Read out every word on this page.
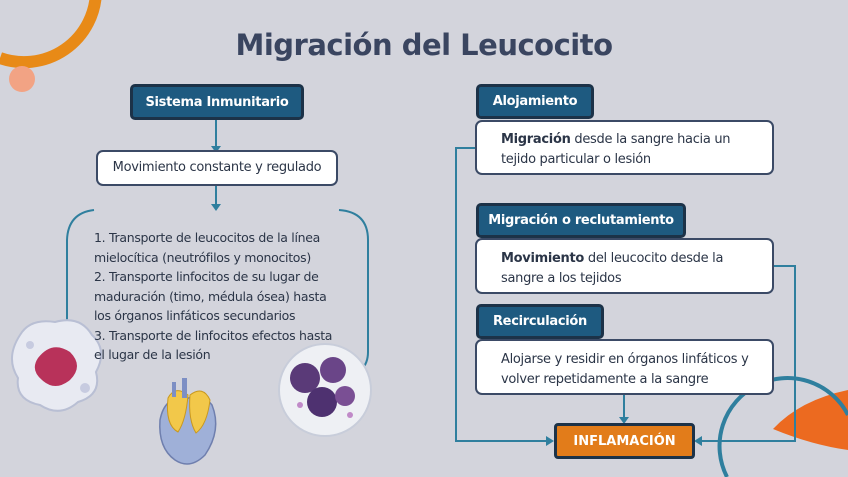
Migración del Leucocito
Sistema Inmunitario
Movimiento constante y regulado
1. Transporte de leucocitos de la línea
mielocítica (neutrófilos y monocitos)
2. Transporte linfocitos de su lugar de
maduración (timo, médula ósea) hasta
los órganos linfáticos secundarios
3. Transporte de linfocitos efectos hasta
el lugar de la lesión
Alojamiento
Migración desde la sangre hacia un tejido particular o lesión
Migración o reclutamiento
Movimiento del leucocito desde la sangre a los tejidos
Recirculación
Alojarse y residir en órganos linfáticos y volver repetidamente a la sangre
INFLAMACIÓN
